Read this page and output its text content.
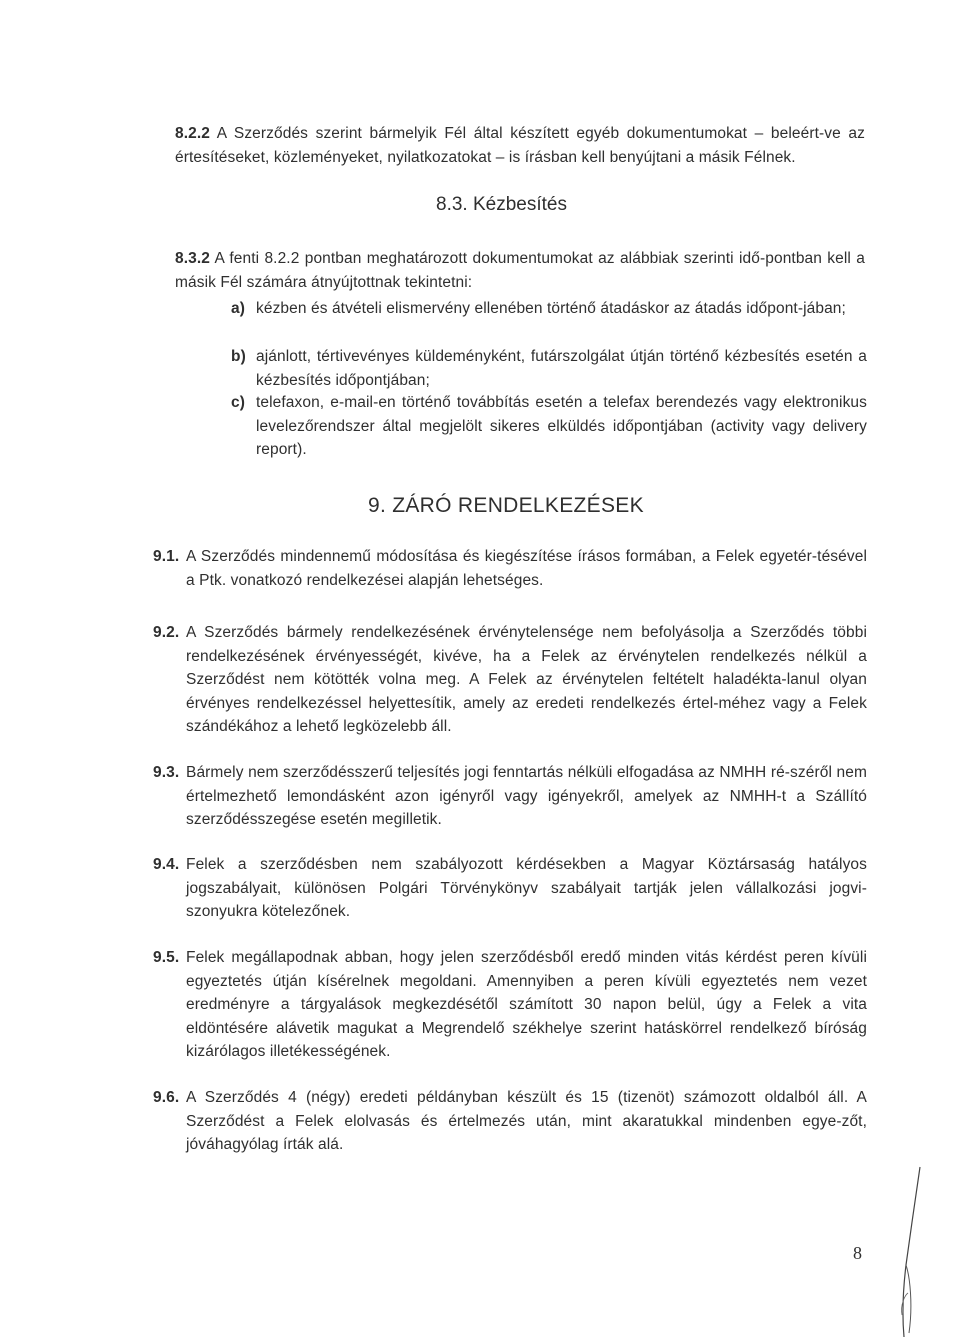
8.2.2 A Szerződés szerint bármelyik Fél által készített egyéb dokumentumokat – beleért-ve az értesítéseket, közleményeket, nyilatkozatokat – is írásban kell benyújtani a másik Félnek.
8.3. Kézbesítés
8.3.2 A fenti 8.2.2 pontban meghatározott dokumentumokat az alábbiak szerinti idő-pontban kell a másik Fél számára átnyújtottnak tekintetni:
a) kézben és átvételi elismervény ellenében történő átadáskor az átadás időpont-jában;
b) ajánlott, tértivevényes küldeményként, futárszolgálat útján történő kézbesítés esetén a kézbesítés időpontjában;
c) telefaxon, e-mail-en történő továbbítás esetén a telefax berendezés vagy elektronikus levelezőrendszer által megjelölt sikeres elküldés időpontjában (activity vagy delivery report).
9. ZÁRÓ RENDELKEZÉSEK
9.1. A Szerződés mindennemű módosítása és kiegészítése írásos formában, a Felek egyetér-tésével a Ptk. vonatkozó rendelkezései alapján lehetséges.
9.2. A Szerződés bármely rendelkezésének érvénytelensége nem befolyásolja a Szerződés többi rendelkezésének érvényességét, kivéve, ha a Felek az érvénytelen rendelkezés nélkül a Szerződést nem kötötték volna meg. A Felek az érvénytelen feltételt haladékta-lanul olyan érvényes rendelkezéssel helyettesítik, amely az eredeti rendelkezés értel-méhez vagy a Felek szándékához a lehető legközelebb áll.
9.3. Bármely nem szerződésszerű teljesítés jogi fenntartás nélküli elfogadása az NMHH ré-széről nem értelmezhető lemondásként azon igényről vagy igényekről, amelyek az NMHH-t a Szállító szerződésszegése esetén megilletik.
9.4. Felek a szerződésben nem szabályozott kérdésekben a Magyar Köztársaság hatályos jogszabályait, különösen Polgári Törvénykönyv szabályait tartják jelen vállalkozási jogvi-szonyukra kötelezőnek.
9.5. Felek megállapodnak abban, hogy jelen szerződésből eredő minden vitás kérdést peren kívüli egyeztetés útján kísérelnek megoldani. Amennyiben a peren kívüli egyeztetés nem vezet eredményre a tárgyalások megkezdésétől számított 30 napon belül, úgy a Felek a vita eldöntésére alávetik magukat a Megrendelő székhelye szerint hatáskörrel rendelkező bíróság kizárólagos illetékességének.
9.6. A Szerződés 4 (négy) eredeti példányban készült és 15 (tizenöt) számozott oldalból áll. A Szerződést a Felek elolvasás és értelmezés után, mint akaratukkal mindenben egye-zőt, jóváhagyólag írták alá.
8
